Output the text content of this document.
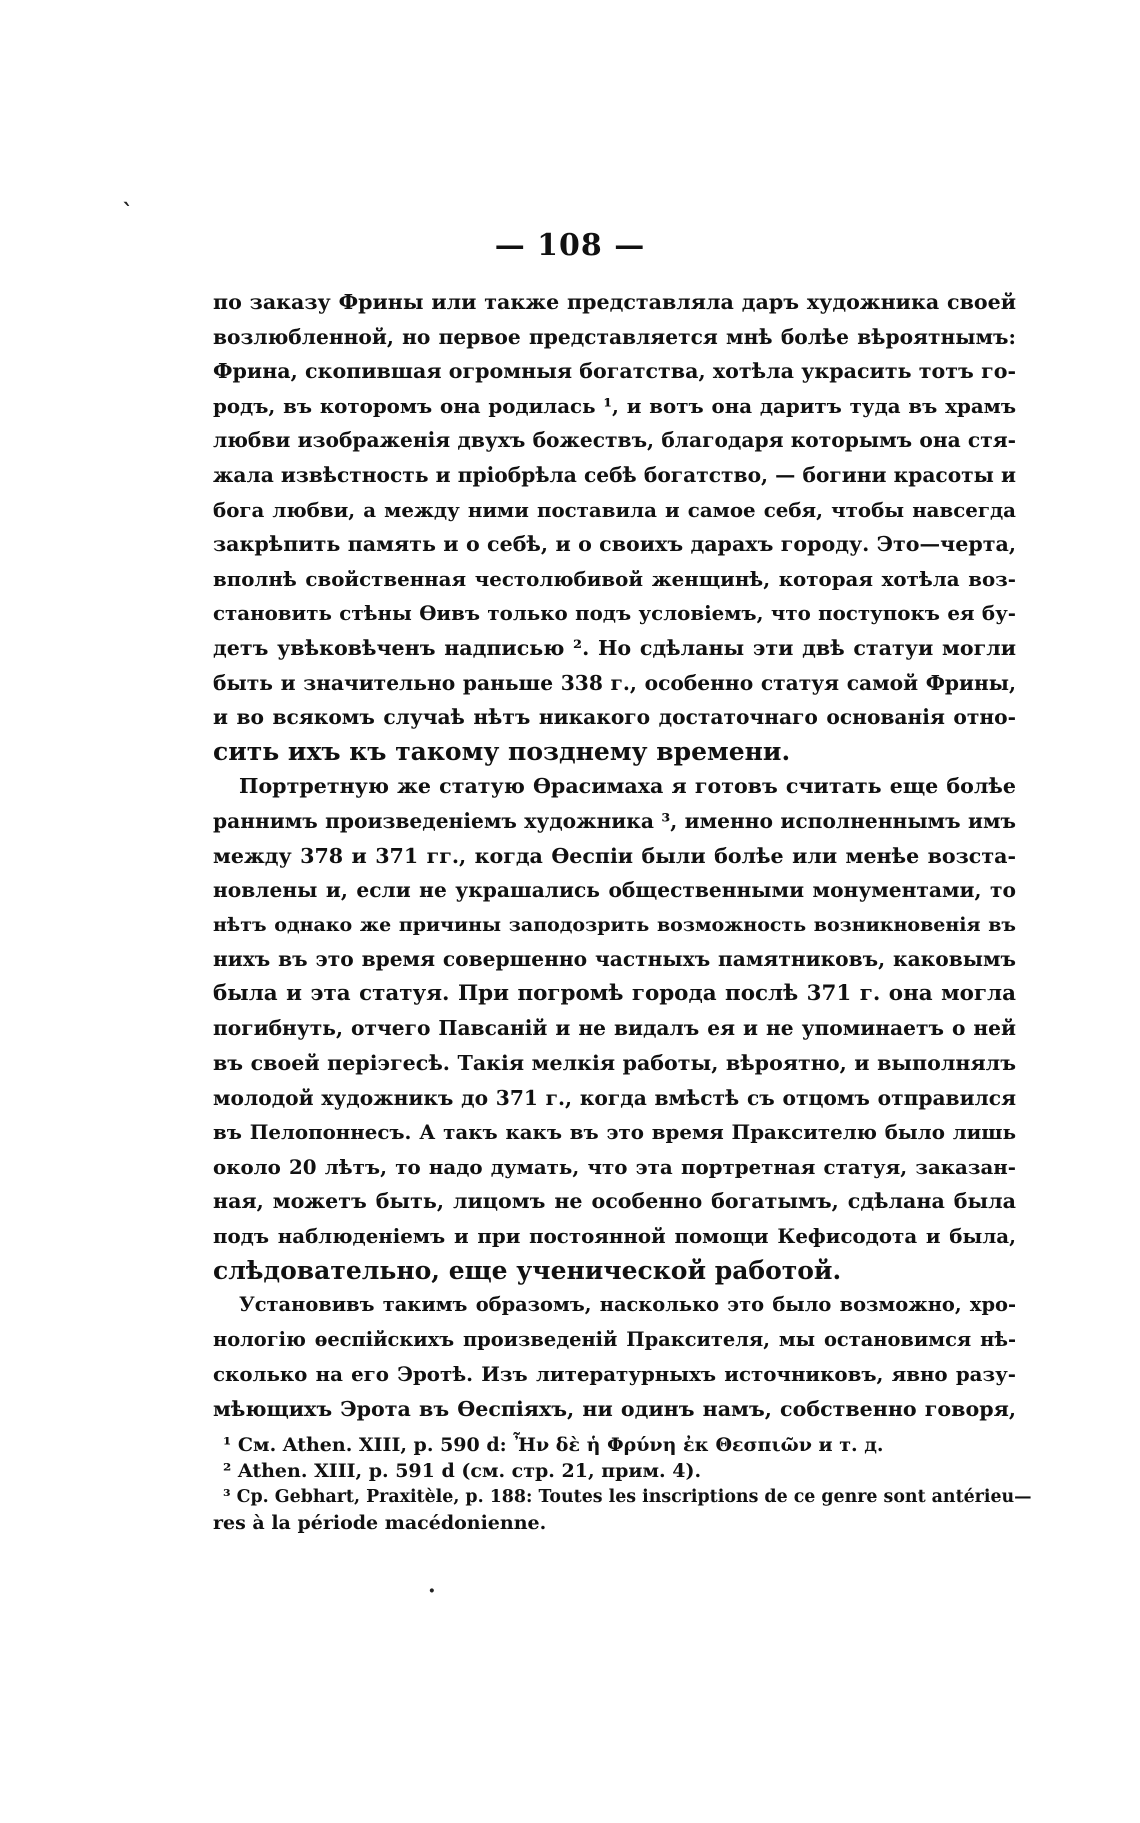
ˋ
— 108 —
по заказу Фрины или также представляла даръ художника своей
возлюбленной, но первое представляется мнѣ болѣе вѣроятнымъ:
Фрина, скопившая огромныя богатства, хотѣла украсить тотъ го-
родъ, въ которомъ она родилась ¹, и вотъ она даритъ туда въ храмъ
любви изображенія двухъ божествъ, благодаря которымъ она стя-
жала извѣстность и пріобрѣла себѣ богатство, — богини красоты и
бога любви, а между ними поставила и самое себя, чтобы навсегда
закрѣпить память и о себѣ, и о своихъ дарахъ городу. Это—черта,
вполнѣ свойственная честолюбивой женщинѣ, которая хотѣла воз-
становить стѣны Ѳивъ только подъ условіемъ, что поступокъ ея бу-
детъ увѣковѣченъ надписью ². Но сдѣланы эти двѣ статуи могли
быть и значительно раньше 338 г., особенно статуя самой Фрины,
и во всякомъ случаѣ нѣтъ никакого достаточнаго основанія отно-
сить ихъ къ такому позднему времени.
Портретную же статую Ѳрасимаха я готовъ считать еще болѣе
раннимъ произведеніемъ художника ³, именно исполненнымъ имъ
между 378 и 371 гг., когда Ѳеспіи были болѣе или менѣе возста-
новлены и, если не украшались общественными монументами, то
нѣтъ однако же причины заподозрить возможность возникновенія въ
нихъ въ это время совершенно частныхъ памятниковъ, каковымъ
была и эта статуя. При погромѣ города послѣ 371 г. она могла
погибнуть, отчего Павсаній и не видалъ ея и не упоминаетъ о ней
въ своей періэгесѣ. Такія мелкія работы, вѣроятно, и выполнялъ
молодой художникъ до 371 г., когда вмѣстѣ съ отцомъ отправился
въ Пелопоннесъ. А такъ какъ въ это время Праксителю было лишь
около 20 лѣтъ, то надо думать, что эта портретная статуя, заказан-
ная, можетъ быть, лицомъ не особенно богатымъ, сдѣлана была
подъ наблюденіемъ и при постоянной помощи Кефисодота и была,
слѣдовательно, еще ученической работой.
Установивъ такимъ образомъ, насколько это было возможно, хро-
нологію ѳеспійскихъ произведеній Праксителя, мы остановимся нѣ-
сколько на его Эротѣ. Изъ литературныхъ источниковъ, явно разу-
мѣющихъ Эрота въ Ѳеспіяхъ, ни одинъ намъ, собственно говоря,
¹ См. Athen. XIII, p. 590 d: Ἦν δὲ ἡ Φρύνη ἐκ Θεσπιῶν и т. д.
² Athen. XIII, p. 591 d (см. стр. 21, прим. 4).
³ Cp. Gebhart, Praxitèle, p. 188: Toutes les inscriptions de ce genre sont antérieu—
res à la période macédonienne.
·
